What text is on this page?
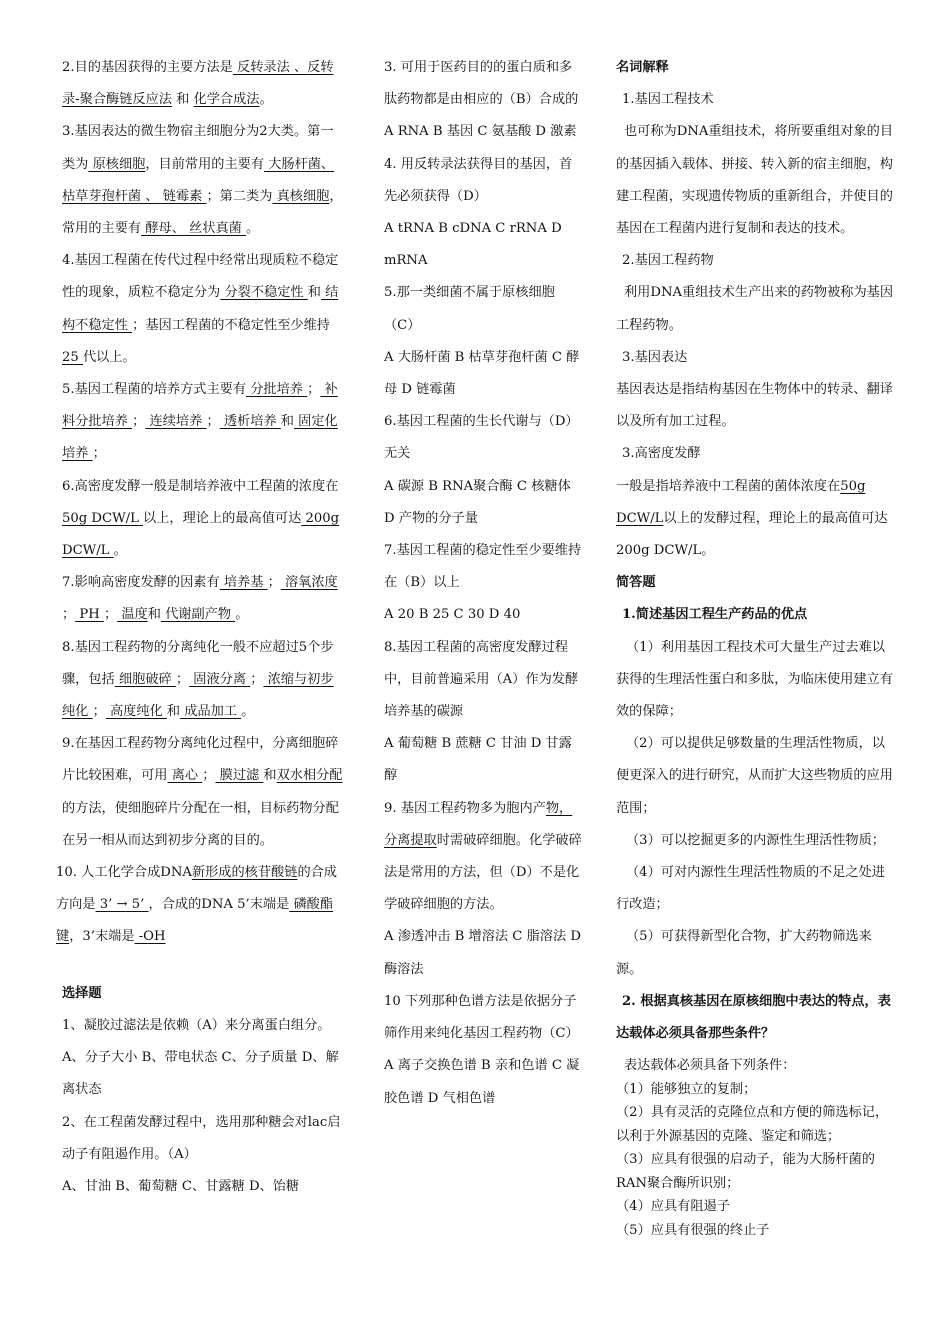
2.目的基因获得的主要方法是 反转录法 、反转录-聚合酶链反应法 和 化学合成法。

3.基因表达的微生物宿主细胞分为2大类。第一类为 原核细胞，目前常用的主要有 大肠杆菌、 枯草芽孢杆菌 、 链霉素 ；第二类为 真核细胞，常用的主要有 酵母、 丝状真菌 。

4.基因工程菌在传代过程中经常出现质粒不稳定性的现象，质粒不稳定分为 分裂不稳定性 和 结构不稳定性 ；基因工程菌的不稳定性至少维持 25 代以上。

5.基因工程菌的培养方式主要有 分批培养 ； 补料分批培养 ； 连续培养 ； 透析培养 和 固定化培养 ；

6.高密度发酵一般是制培养液中工程菌的浓度在 50g DCW/L 以上，理论上的最高值可达 200g DCW/L 。

7.影响高密度发酵的因素有 培养基 ； 溶氧浓度 ； PH ； 温度和 代谢副产物 。

8.基因工程药物的分离纯化一般不应超过5个步骤，包括 细胞破碎 ； 固液分离 ； 浓缩与初步纯化 ； 高度纯化 和 成品加工 。

9.在基因工程药物分离纯化过程中，分离细胞碎片比较困难，可用 离心 ； 膜过滤 和双水相分配 的方法，使细胞碎片分配在一相，目标药物分配在另一相从而达到初步分离的目的。

10. 人工化学合成DNA新形成的核苷酸链的合成方向是 3’ → 5’ ，合成的DNA 5’末端是 磷酸酯键，3’末端是 -OH

选择题

1、凝胶过滤法是依赖（A）来分离蛋白组分。A、分子大小 B、带电状态 C、分子质量 D、解离状态

2、在工程菌发酵过程中，选用那种糖会对lac启动子有阻遏作用。（A）

A、甘油 B、葡萄糖 C、甘露糖 D、饴糖

3. 可用于医药目的的蛋白质和多肽药物都是由相应的（B）合成的

A RNA B 基因 C 氨基酸 D 激素

4. 用反转录法获得目的基因，首先必须获得（D）

A tRNA B cDNA C rRNA D mRNA

5.那一类细菌不属于原核细胞（C）

A 大肠杆菌 B 枯草芽孢杆菌 C 酵母 D 链霉菌

6.基因工程菌的生长代谢与（D）无关

A 碳源 B RNA聚合酶 C 核糖体 D 产物的分子量

7.基因工程菌的稳定性至少要维持在（B）以上

A 20 B 25 C 30 D 40

8.基因工程菌的高密度发酵过程中，目前普遍采用（A）作为发酵培养基的碳源

A 葡萄糖 B 蔗糖 C 甘油 D 甘露醇

9. 基因工程药物多为胞内产物，分离提取时需破碎细胞。化学破碎法是常用的方法，但（D）不是化学破碎细胞的方法。

A 渗透冲击 B 增溶法 C 脂溶法 D 酶溶法

10 下列那种色谱方法是依据分子筛作用来纯化基因工程药物（C）

A 离子交换色谱 B 亲和色谱 C 凝胶色谱 D 气相色谱

名词解释

1.基因工程技术

也可称为DNA重组技术，将所要重组对象的目的基因插入载体、拼接、转入新的宿主细胞，构建工程菌，实现遗传物质的重新组合，并使目的基因在工程菌内进行复制和表达的技术。

2.基因工程药物

利用DNA重组技术生产出来的药物被称为基因工程药物。

3.基因表达

基因表达是指结构基因在生物体中的转录、翻译以及所有加工过程。

3.高密度发酵

一般是指培养液中工程菌的菌体浓度在50g DCW/L以上的发酵过程，理论上的最高值可达200g DCW/L。

简答题

1.简述基因工程生产药品的优点

（1）利用基因工程技术可大量生产过去难以获得的生理活性蛋白和多肽，为临床使用建立有效的保障；

（2）可以提供足够数量的生理活性物质，以便更深入的进行研究，从而扩大这些物质的应用范围；

（3）可以挖掘更多的内源性生理活性物质；

（4）可对内源性生理活性物质的不足之处进行改造；

（5）可获得新型化合物，扩大药物筛选来源。

2. 根据真核基因在原核细胞中表达的特点，表达载体必须具备那些条件？

表达载体必须具备下列条件：

（1）能够独立的复制；

（2）具有灵活的克隆位点和方便的筛选标记，以利于外源基因的克隆、鉴定和筛选；

（3）应具有很强的启动子，能为大肠杆菌的RAN聚合酶所识别；

（4）应具有阻遏子

（5）应具有很强的终止子
